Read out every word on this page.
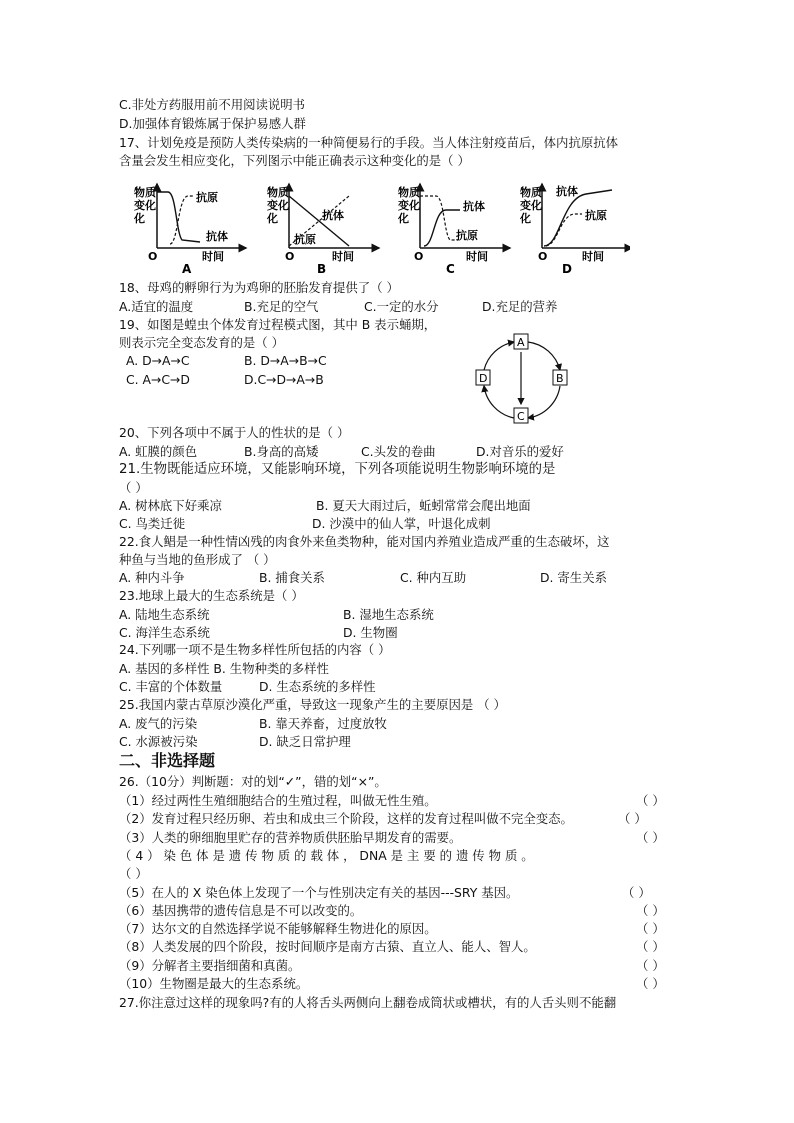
C.非处方药服用前不用阅读说明书
D.加强体育锻炼属于保护易感人群
17、计划免疫是预防人类传染病的一种简便易行的手段。当人体注射疫苗后，体内抗原抗体
含量会发生相应变化，下列图示中能正确表示这种变化的是（ ）
物质
变化
化
抗原
抗体
O	时间
A
物质
变化
化	抗体
抗原
O	时间
B
物质
变化
化
抗体
抗原
O	时间
C
物质
变化
化
抗体
抗原
O	时间
D
18、母鸡的孵卵行为为鸡卵的胚胎发育提供了（ ）
A.适宜的温度	B.充足的空气	C.一定的水分	D.充足的营养
19、如图是蝗虫个体发育过程模式图，其中 B 表示蛹期，
则表示完全变态发育的是（ ）
A. D→A→C	B. D→A→B→C
C. A→C→D	D.C→D→A→B
A
B
C
D
20、下列各项中不属于人的性状的是（ ）
A. 虹膜的颜色	B.身高的高矮	C.头发的卷曲	D.对音乐的爱好
21.生物既能适应环境，又能影响环境，下列各项能说明生物影响环境的是
（ ）
A. 树林底下好乘凉	B. 夏天大雨过后，蚯蚓常常会爬出地面
C. 鸟类迁徙	D. 沙漠中的仙人掌，叶退化成刺
22.食人鲳是一种性情凶残的肉食外来鱼类物种，能对国内养殖业造成严重的生态破坏，这
种鱼与当地的鱼形成了 （ ）
A. 种内斗争	B. 捕食关系	C. 种内互助	D. 寄生关系
23.地球上最大的生态系统是（ ）
A. 陆地生态系统	B. 湿地生态系统
C. 海洋生态系统	D. 生物圈
24.下列哪一项不是生物多样性所包括的内容（ ）
A. 基因的多样性 B. 生物种类的多样性
C. 丰富的个体数量	D. 生态系统的多样性
25.我国内蒙古草原沙漠化严重，导致这一现象产生的主要原因是 （ ）
A. 废气的污染	B. 靠天养畜，过度放牧
C. 水源被污染	D. 缺乏日常护理
二、非选择题
26.（10分）判断题：对的划“✓”，错的划“×”。
（1）经过两性生殖细胞结合的生殖过程，叫做无性生殖。	（ ）
（2）发育过程只经历卵、若虫和成虫三个阶段，这样的发育过程叫做不完全变态。	（ ）
（3）人类的卵细胞里贮存的营养物质供胚胎早期发育的需要。	（ ）
（ 4 ） 染 色 体 是 遗 传 物 质 的 载 体 ， DNA 是 主 要 的 遗 传 物 质 。
（ ）
（5）在人的 X 染色体上发现了一个与性别决定有关的基因---SRY 基因。	（ ）
（6）基因携带的遗传信息是不可以改变的。	（ ）
（7）达尔文的自然选择学说不能够解释生物进化的原因。	（ ）
（8）人类发展的四个阶段，按时间顺序是南方古猿、直立人、能人、智人。	（ ）
（9）分解者主要指细菌和真菌。	（ ）
（10）生物圈是最大的生态系统。	（ ）
27.你注意过这样的现象吗?有的人将舌头两侧向上翻卷成筒状或槽状，有的人舌头则不能翻
